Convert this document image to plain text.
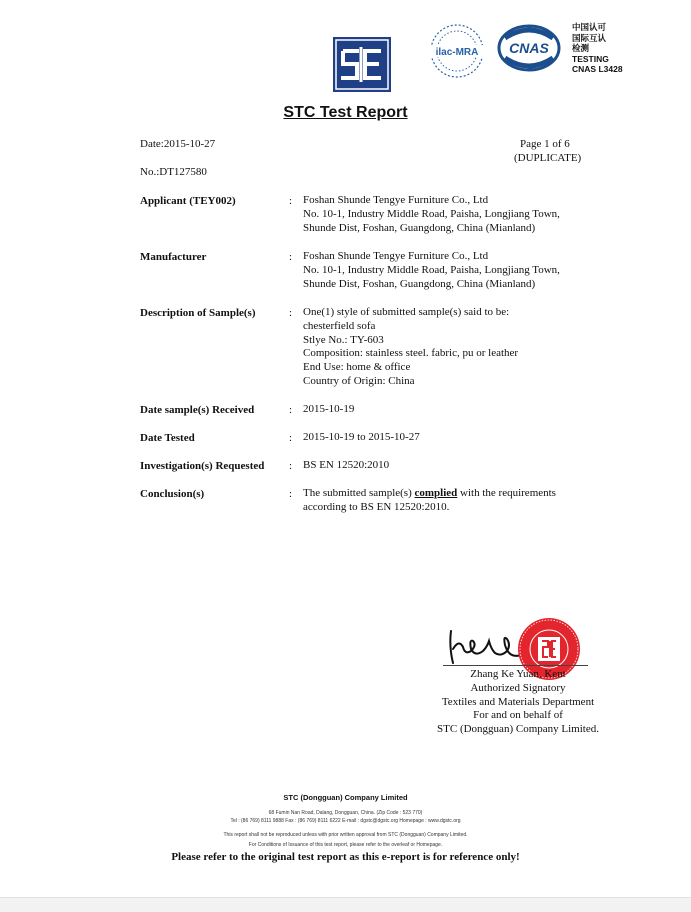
ilac-MRA CNAS
中国认可
国际互认
检测
TESTING
CNAS L3428
STC Test Report
Date:2015-10-27	Page 1 of 6
(DUPLICATE)
No.:DT127580
Applicant (TEY002)	: Foshan Shunde Tengye Furniture Co., Ltd
No. 10-1, Industry Middle Road, Paisha, Longjiang Town,
Shunde Dist, Foshan, Guangdong, China (Mianland)
Manufacturer	: Foshan Shunde Tengye Furniture Co., Ltd
No. 10-1, Industry Middle Road, Paisha, Longjiang Town,
Shunde Dist, Foshan, Guangdong, China (Mianland)
Description of Sample(s)	: One(1) style of submitted sample(s) said to be:
chesterfield sofa
Stlye No.: TY-603
Composition: stainless steel. fabric, pu or leather
End Use: home & office
Country of Origin: China
Date sample(s) Received	: 2015-10-19
Date Tested	: 2015-10-19 to 2015-10-27
Investigation(s) Requested : BS EN 12520:2010
Conclusion(s)	: The submitted sample(s) complied with the requirements
according to BS EN 12520:2010.
kerl
Zhang Ke Yuan, Kent
Authorized Signatory
Textiles and Materials Department
For and on behalf of
STC (Dongguan) Company Limited.
STC (Dongguan) Company Limited
68 Fumin Nan Road, Dalang, Dongguan, China. (Zip Code : 523 770)
Tel : (86 769) 8111 9888 Fax : (86 769) 8111 6222 E-mail : dgstc@dgstc.org Homepage : www.dgstc.org
This report shall not be reproduced unless with prior written approval from STC (Dongguan) Company Limited.
For Conditions of Issuance of this test report, please refer to the overleaf or Homepage.
Please refer to the original test report as this e-report is for reference only!
